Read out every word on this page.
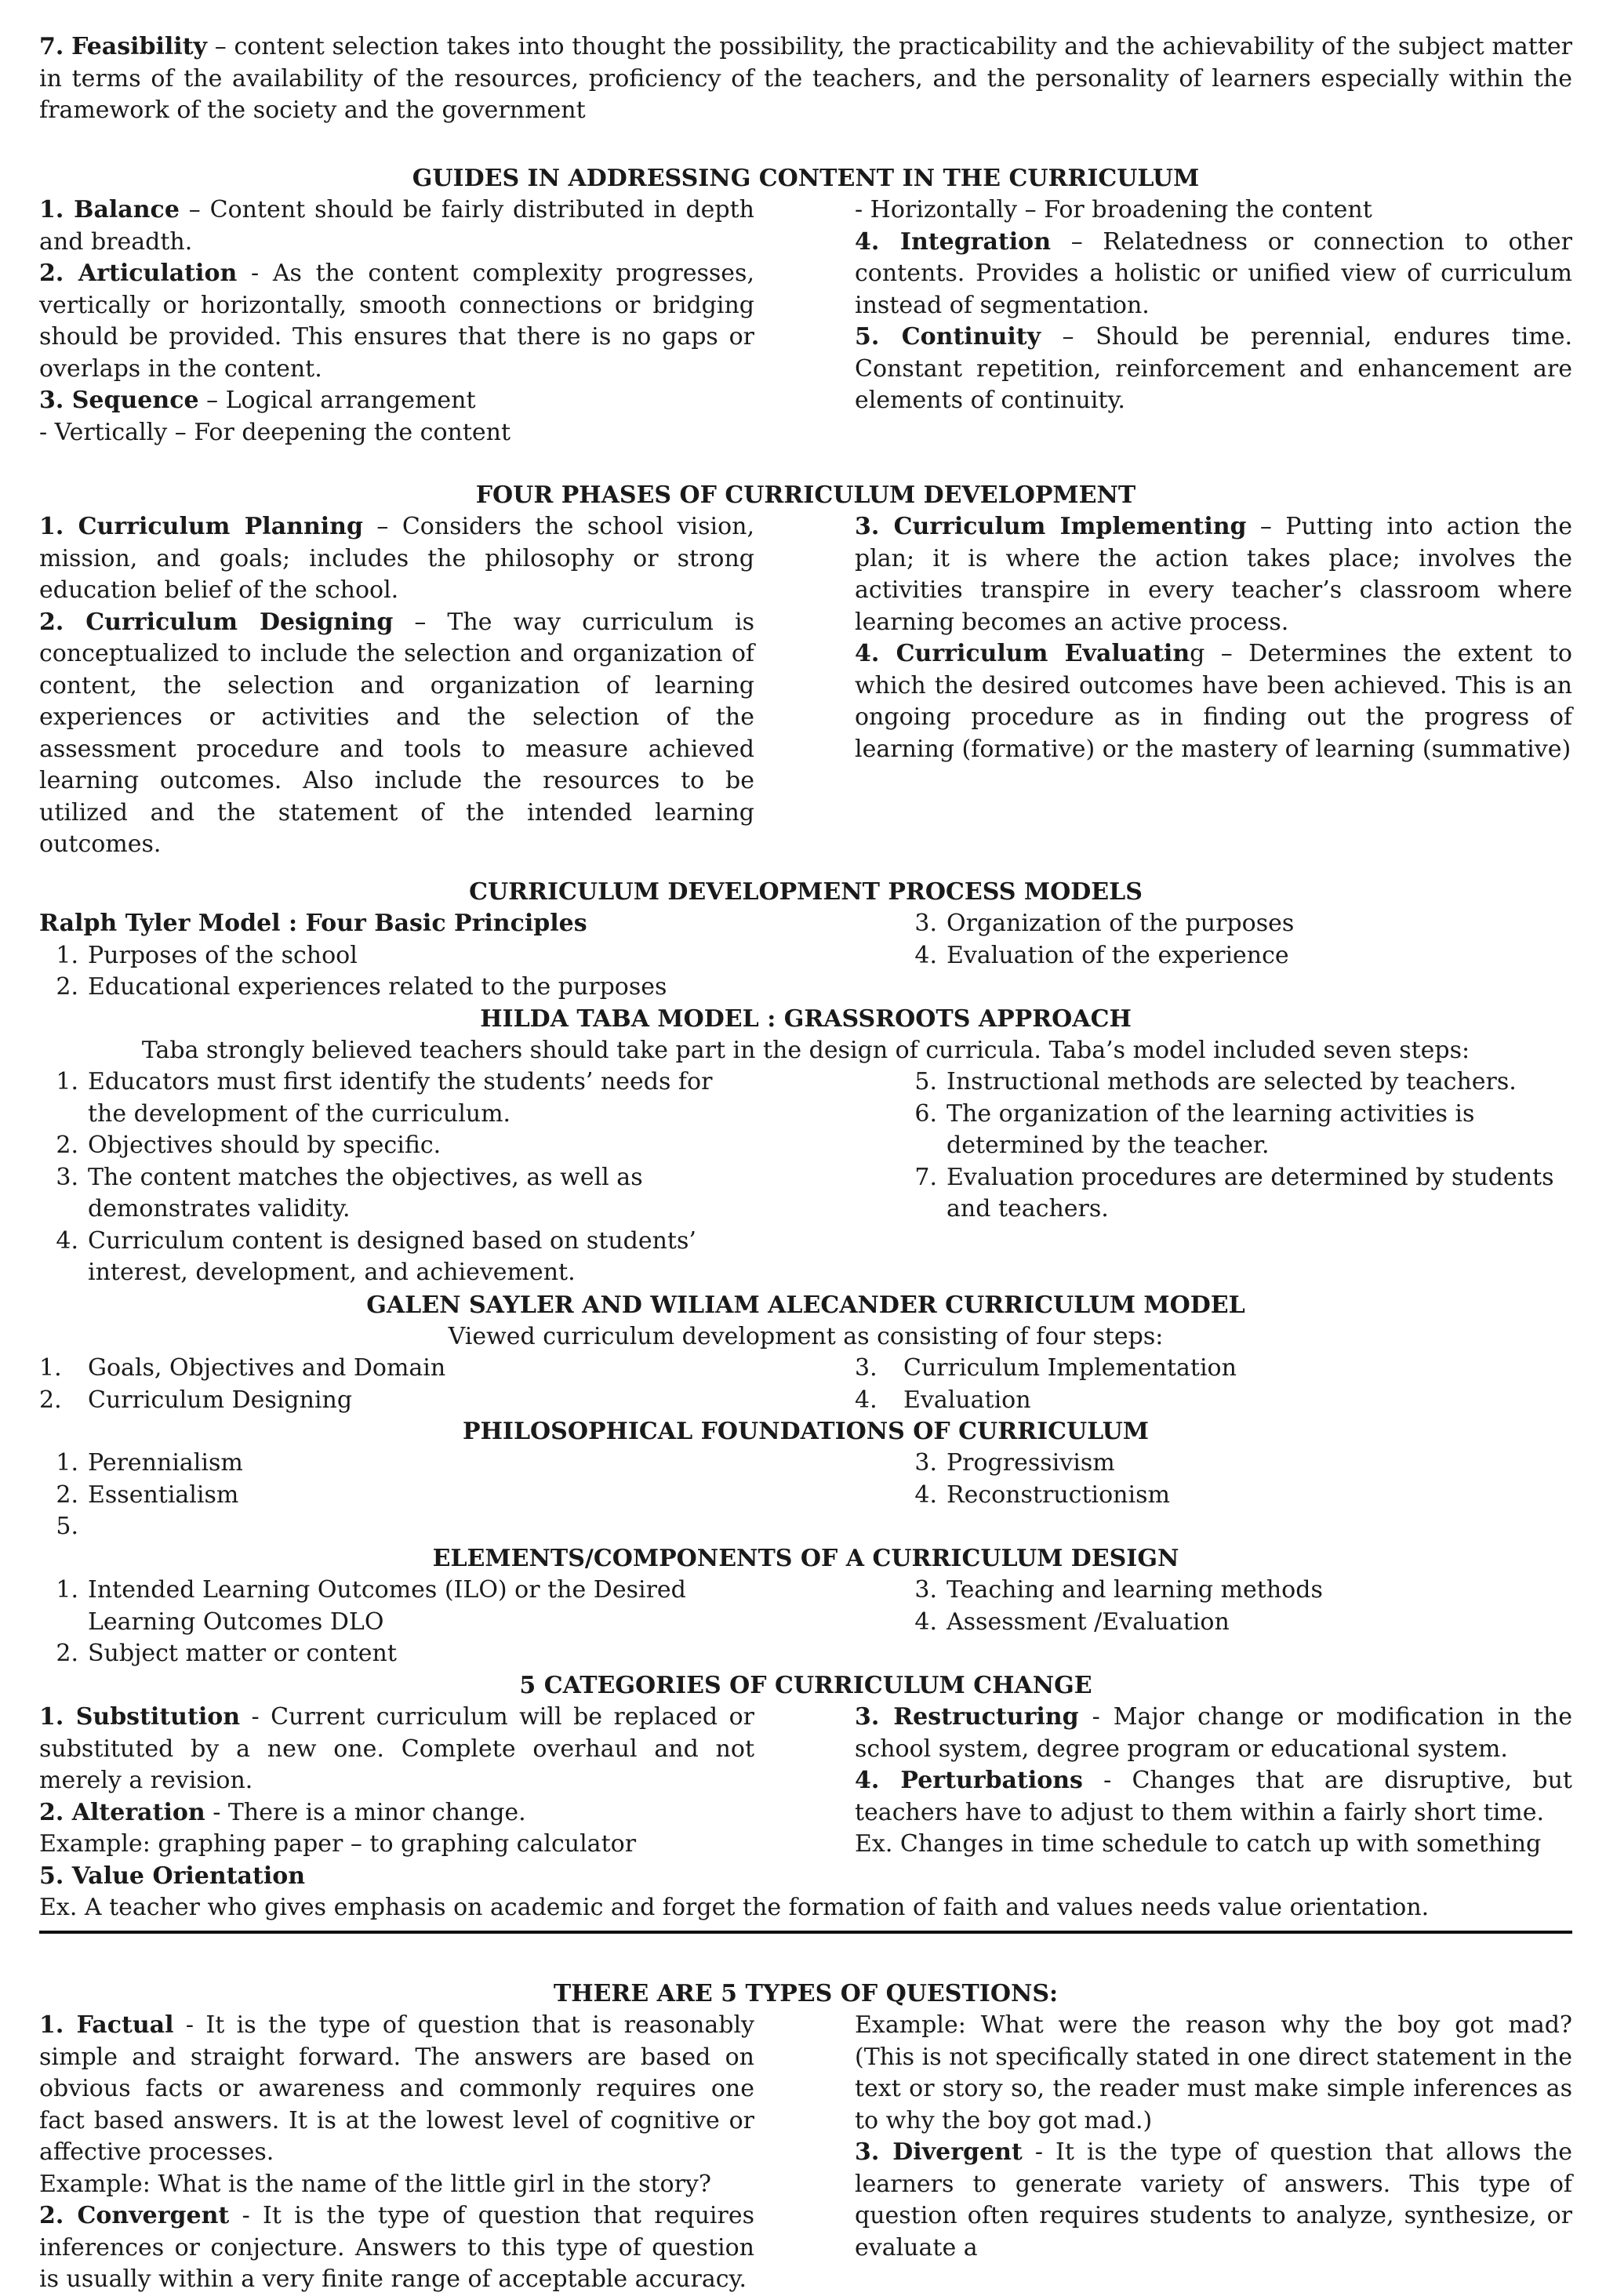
7. Feasibility – content selection takes into thought the possibility, the practicability and the achievability of the subject matter in terms of the availability of the resources, proficiency of the teachers, and the personality of learners especially within the framework of the society and the government

GUIDES IN ADDRESSING CONTENT IN THE CURRICULUM

1. Balance – Content should be fairly distributed in depth and breadth.

2. Articulation - As the content complexity progresses, vertically or horizontally, smooth connections or bridging should be provided. This ensures that there is no gaps or overlaps in the content.

3. Sequence – Logical arrangement

- Vertically – For deepening the content

- Horizontally – For broadening the content

4. Integration – Relatedness or connection to other contents. Provides a holistic or unified view of curriculum instead of segmentation.

5. Continuity – Should be perennial, endures time. Constant repetition, reinforcement and enhancement are elements of continuity.

FOUR PHASES OF CURRICULUM DEVELOPMENT

1. Curriculum Planning – Considers the school vision, mission, and goals; includes the philosophy or strong education belief of the school.

2. Curriculum Designing – The way curriculum is conceptualized to include the selection and organization of content, the selection and organization of learning experiences or activities and the selection of the assessment procedure and tools to measure achieved learning outcomes. Also include the resources to be utilized and the statement of the intended learning outcomes.

3. Curriculum Implementing – Putting into action the plan; it is where the action takes place; involves the activities transpire in every teacher’s classroom where learning becomes an active process.

4. Curriculum Evaluating – Determines the extent to which the desired outcomes have been achieved. This is an ongoing procedure as in finding out the progress of learning (formative) or the mastery of learning (summative)

CURRICULUM DEVELOPMENT PROCESS MODELS

Ralph Tyler Model : Four Basic Principles

1. Purposes of the school
2. Educational experiences related to the purposes
3. Organization of the purposes
4. Evaluation of the experience
HILDA TABA MODEL : GRASSROOTS APPROACH
Taba strongly believed teachers should take part in the design of curricula. Taba’s model included seven steps:
1. Educators must first identify the students’ needs for the development of the curriculum.
2. Objectives should by specific.
3. The content matches the objectives, as well as demonstrates validity.
4. Curriculum content is designed based on students’ interest, development, and achievement.
5. Instructional methods are selected by teachers.
6. The organization of the learning activities is determined by the teacher.
7. Evaluation procedures are determined by students and teachers.
GALEN SAYLER AND WILIAM ALECANDER CURRICULUM MODEL
Viewed curriculum development as consisting of four steps:
1. Goals, Objectives and Domain
2. Curriculum Designing
3. Curriculum Implementation
4. Evaluation
PHILOSOPHICAL FOUNDATIONS OF CURRICULUM
1. Perennialism
2. Essentialism
5.
3. Progressivism
4. Reconstructionism
ELEMENTS/COMPONENTS OF A CURRICULUM DESIGN
1. Intended Learning Outcomes (ILO) or the Desired Learning Outcomes DLO
2. Subject matter or content
3. Teaching and learning methods
4. Assessment /Evaluation
5 CATEGORIES OF CURRICULUM CHANGE

1. Substitution - Current curriculum will be replaced or substituted by a new one. Complete overhaul and not merely a revision.

2. Alteration - There is a minor change.

Example: graphing paper – to graphing calculator

3. Restructuring - Major change or modification in the school system, degree program or educational system.

4. Perturbations - Changes that are disruptive, but teachers have to adjust to them within a fairly short time.

Ex. Changes in time schedule to catch up with something

5. Value Orientation

Ex. A teacher who gives emphasis on academic and forget the formation of faith and values needs value orientation.

THERE ARE 5 TYPES OF QUESTIONS:

1. Factual - It is the type of question that is reasonably simple and straight forward. The answers are based on obvious facts or awareness and commonly requires one fact based answers. It is at the lowest level of cognitive or affective processes.

Example: What is the name of the little girl in the story?

2. Convergent - It is the type of question that requires inferences or conjecture. Answers to this type of question is usually within a very finite range of acceptable accuracy.

Example: What were the reason why the boy got mad? (This is not specifically stated in one direct statement in the text or story so, the reader must make simple inferences as to why the boy got mad.)

3. Divergent - It is the type of question that allows the learners to generate variety of answers. This type of question often requires students to analyze, synthesize, or evaluate a
